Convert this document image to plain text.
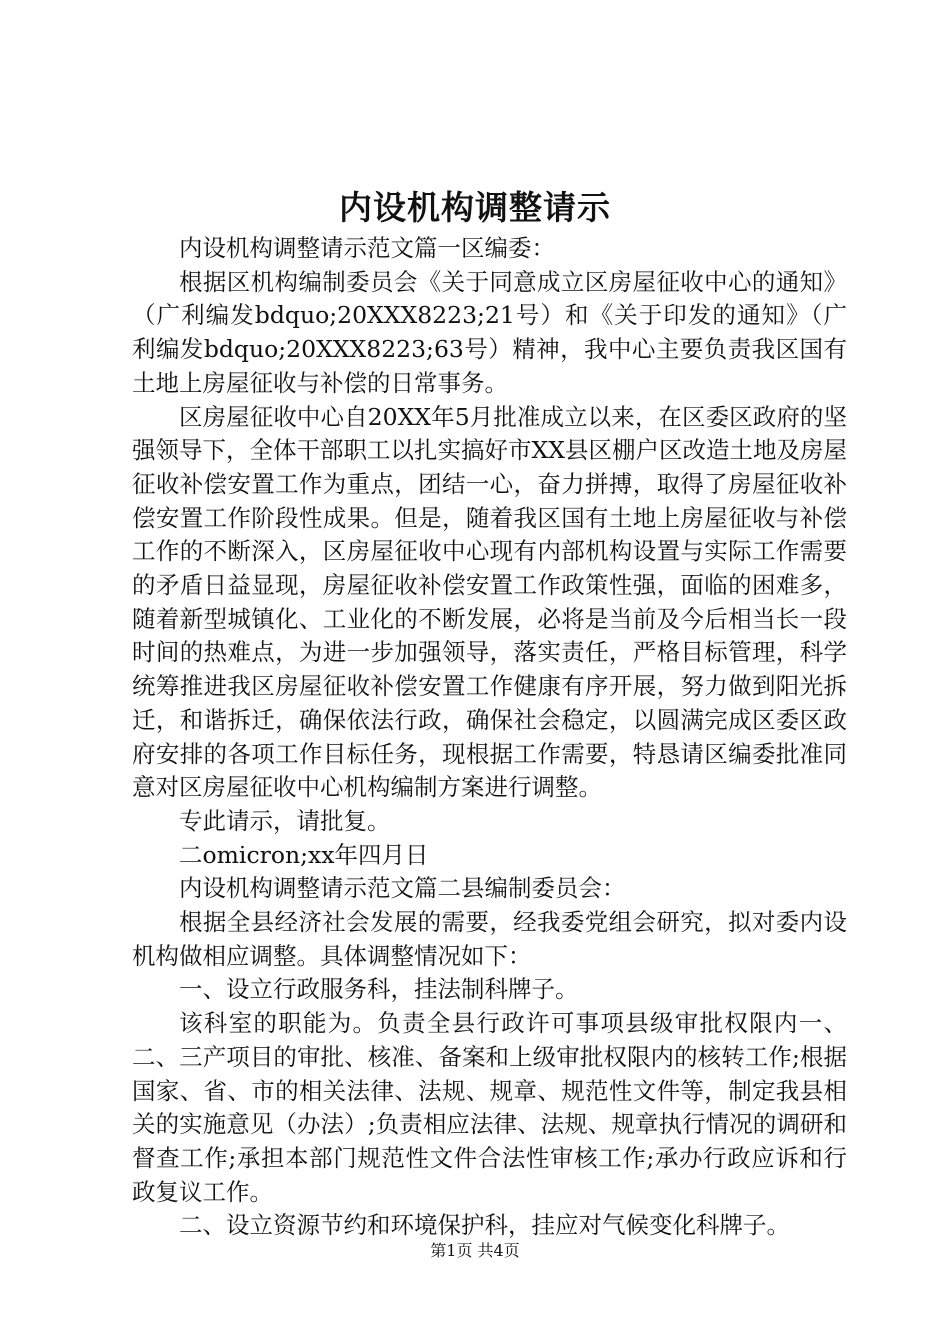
内设机构调整请示

内设机构调整请示范文篇一区编委：

根据区机构编制委员会《关于同意成立区房屋征收中心的通知》（广利编发bdquo;20XXX8223;21号）和《关于印发的通知》（广利编发bdquo;20XXX8223;63号）精神，我中心主要负责我区国有土地上房屋征收与补偿的日常事务。

区房屋征收中心自20XX年5月批准成立以来，在区委区政府的坚强领导下，全体干部职工以扎实搞好市XX县区棚户区改造土地及房屋征收补偿安置工作为重点，团结一心，奋力拼搏，取得了房屋征收补偿安置工作阶段性成果。但是，随着我区国有土地上房屋征收与补偿工作的不断深入，区房屋征收中心现有内部机构设置与实际工作需要的矛盾日益显现，房屋征收补偿安置工作政策性强，面临的困难多，随着新型城镇化、工业化的不断发展，必将是当前及今后相当长一段时间的热难点，为进一步加强领导，落实责任，严格目标管理，科学统筹推进我区房屋征收补偿安置工作健康有序开展，努力做到阳光拆迁，和谐拆迁，确保依法行政，确保社会稳定，以圆满完成区委区政府安排的各项工作目标任务，现根据工作需要，特恳请区编委批准同意对区房屋征收中心机构编制方案进行调整。

专此请示，请批复。

二omicron;xx年四月日

内设机构调整请示范文篇二县编制委员会：

根据全县经济社会发展的需要，经我委党组会研究，拟对委内设机构做相应调整。具体调整情况如下：

一、设立行政服务科，挂法制科牌子。

该科室的职能为。负责全县行政许可事项县级审批权限内一、二、三产项目的审批、核准、备案和上级审批权限内的核转工作;根据国家、省、市的相关法律、法规、规章、规范性文件等，制定我县相关的实施意见（办法）;负责相应法律、法规、规章执行情况的调研和督查工作;承担本部门规范性文件合法性审核工作;承办行政应诉和行政复议工作。

二、设立资源节约和环境保护科，挂应对气候变化科牌子。

第1页 共4页
